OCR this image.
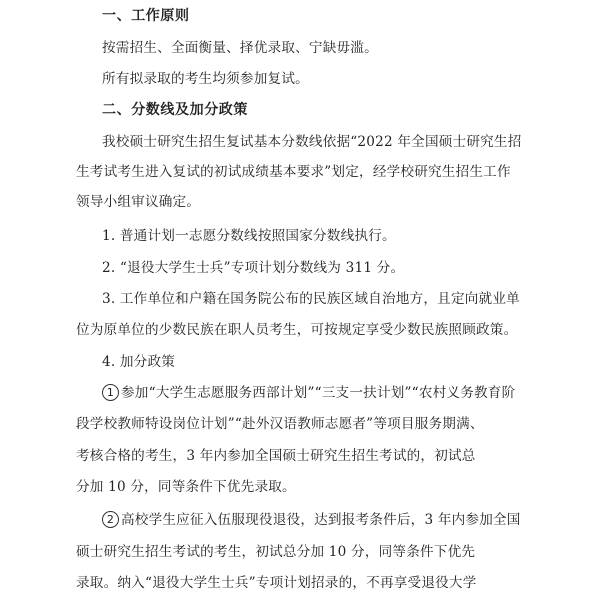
一、工作原则
按需招生、全面衡量、择优录取、宁缺毋滥。
所有拟录取的考生均须参加复试。
二、分数线及加分政策
我校硕士研究生招生复试基本分数线依据“2022 年全国硕士研究生招
生考试考生进入复试的初试成绩基本要求”划定，经学校研究生招生工作
领导小组审议确定。
1. 普通计划一志愿分数线按照国家分数线执行。
2. “退役大学生士兵”专项计划分数线为 311 分。
3. 工作单位和户籍在国务院公布的民族区域自治地方，且定向就业单
位为原单位的少数民族在职人员考生，可按规定享受少数民族照顾政策。
4. 加分政策
1 参加“大学生志愿服务西部计划”“三支一扶计划”“农村义务教育阶
段学校教师特设岗位计划”“赴外汉语教师志愿者”等项目服务期满、
考核合格的考生，3 年内参加全国硕士研究生招生考试的，初试总
分加 10 分，同等条件下优先录取。
2 高校学生应征入伍服现役退役，达到报考条件后，3 年内参加全国
硕士研究生招生考试的考生，初试总分加 10 分，同等条件下优先
录取。纳入“退役大学生士兵”专项计划招录的，不再享受退役大学
